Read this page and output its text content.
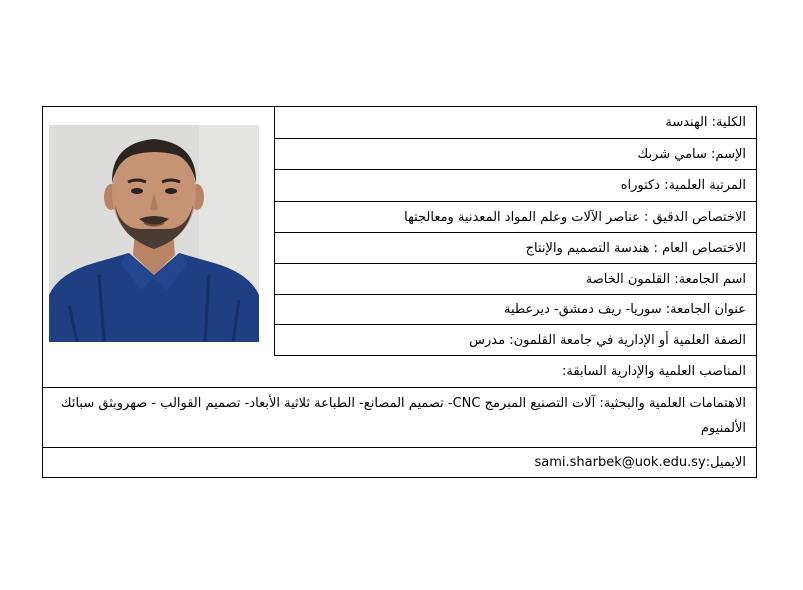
الكلية: الهندسة
الإسم: سامي شربك
المرتبة العلمية: دكتوراه
الاختصاص الدقيق : عناصر الآلات وعلم المواد المعدنية ومعالجتها
الاختصاص العام : هندسة التصميم والإنتاج
اسم الجامعة: القلمون الخاصة
عنوان الجامعة: سوريا- ريف دمشق- ديرعطية
الصفة العلمية أو الإدارية في جامعة القلمون: مدرس
المناصب العلمية والإدارية السابقة:
الاهتمامات العلمية والبحثية: آلات التصنيع المبرمج CNC- تصميم المصانع- الطباعة ثلاثية الأبعاد- تصميم القوالب - صهروبثق سبائك الألمنيوم
الايميل:
sami.sharbek@uok.edu.sy
